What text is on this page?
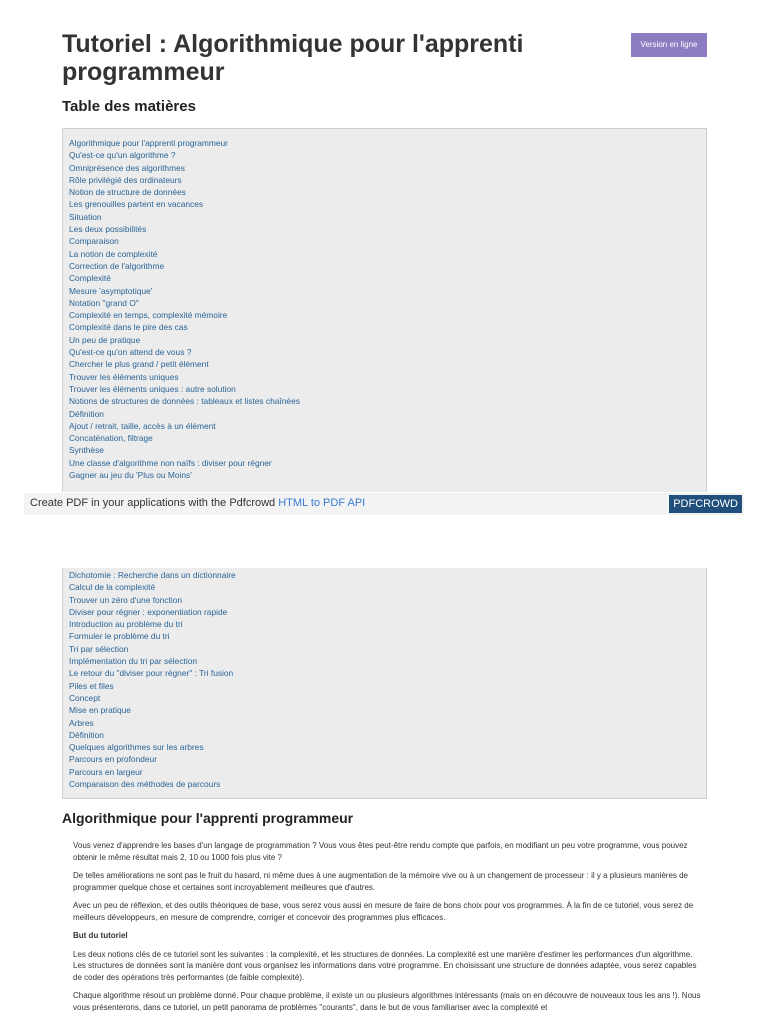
Tutoriel : Algorithmique pour l'apprenti programmeur
Version en ligne
Table des matières
Algorithmique pour l'apprenti programmeur
Qu'est-ce qu'un algorithme ?
Omniprésence des algorithmes
Rôle privilégié des ordinateurs
Notion de structure de données
Les grenouilles partent en vacances
Situation
Les deux possibilités
Comparaison
La notion de complexité
Correction de l'algorithme
Complexité
Mesure 'asymptotique'
Notation "grand O"
Complexité en temps, complexité mémoire
Complexité dans le pire des cas
Un peu de pratique
Qu'est-ce qu'on attend de vous ?
Chercher le plus grand / petit élément
Trouver les éléments uniques
Trouver les éléments uniques : autre solution
Notions de structures de données : tableaux et listes chaînées
Définition
Ajout / retrait, taille, accès à un élément
Concaténation, filtrage
Synthèse
Une classe d'algorithme non naïfs : diviser pour régner
Gagner au jeu du 'Plus ou Moins'
Create PDF in your applications with the Pdfcrowd HTML to PDF API	PDFCROWD
Dichotomie : Recherche dans un dictionnaire
Calcul de la complexité
Trouver un zéro d'une fonction
Diviser pour régner : exponentiation rapide
Introduction au problème du tri
Formuler le problème du tri
Tri par sélection
Implémentation du tri par sélection
Le retour du "diviser pour régner" : Tri fusion
Piles et files
Concept
Mise en pratique
Arbres
Définition
Quelques algorithmes sur les arbres
Parcours en profondeur
Parcours en largeur
Comparaison des méthodes de parcours
Algorithmique pour l'apprenti programmeur

Vous venez d'apprendre les bases d'un langage de programmation ? Vous vous êtes peut-être rendu compte que parfois, en modifiant un peu votre programme, vous pouvez obtenir le même résultat mais 2, 10 ou 1000 fois plus vite ?

De telles améliorations ne sont pas le fruit du hasard, ni même dues à une augmentation de la mémoire vive ou à un changement de processeur : il y a plusieurs manières de programmer quelque chose et certaines sont incroyablement meilleures que d'autres.

Avec un peu de réflexion, et des outils théoriques de base, vous serez vous aussi en mesure de faire de bons choix pour vos programmes. À la fin de ce tutoriel, vous serez de meilleurs développeurs, en mesure de comprendre, corriger et concevoir des programmes plus efficaces.

But du tutoriel

Les deux notions clés de ce tutoriel sont les suivantes : la complexité, et les structures de données. La complexité est une manière d'estimer les performances d'un algorithme. Les structures de données sont la manière dont vous organisez les informations dans votre programme. En choisissant une structure de données adaptée, vous serez capables de coder des opérations très performantes (de faible complexité).

Chaque algorithme résout un problème donné. Pour chaque problème, il existe un ou plusieurs algorithmes intéressants (mais on en découvre de nouveaux tous les ans !). Nous vous présenterons, dans ce tutoriel, un petit panorama de problèmes "courants", dans le but de vous familiariser avec la complexité et
